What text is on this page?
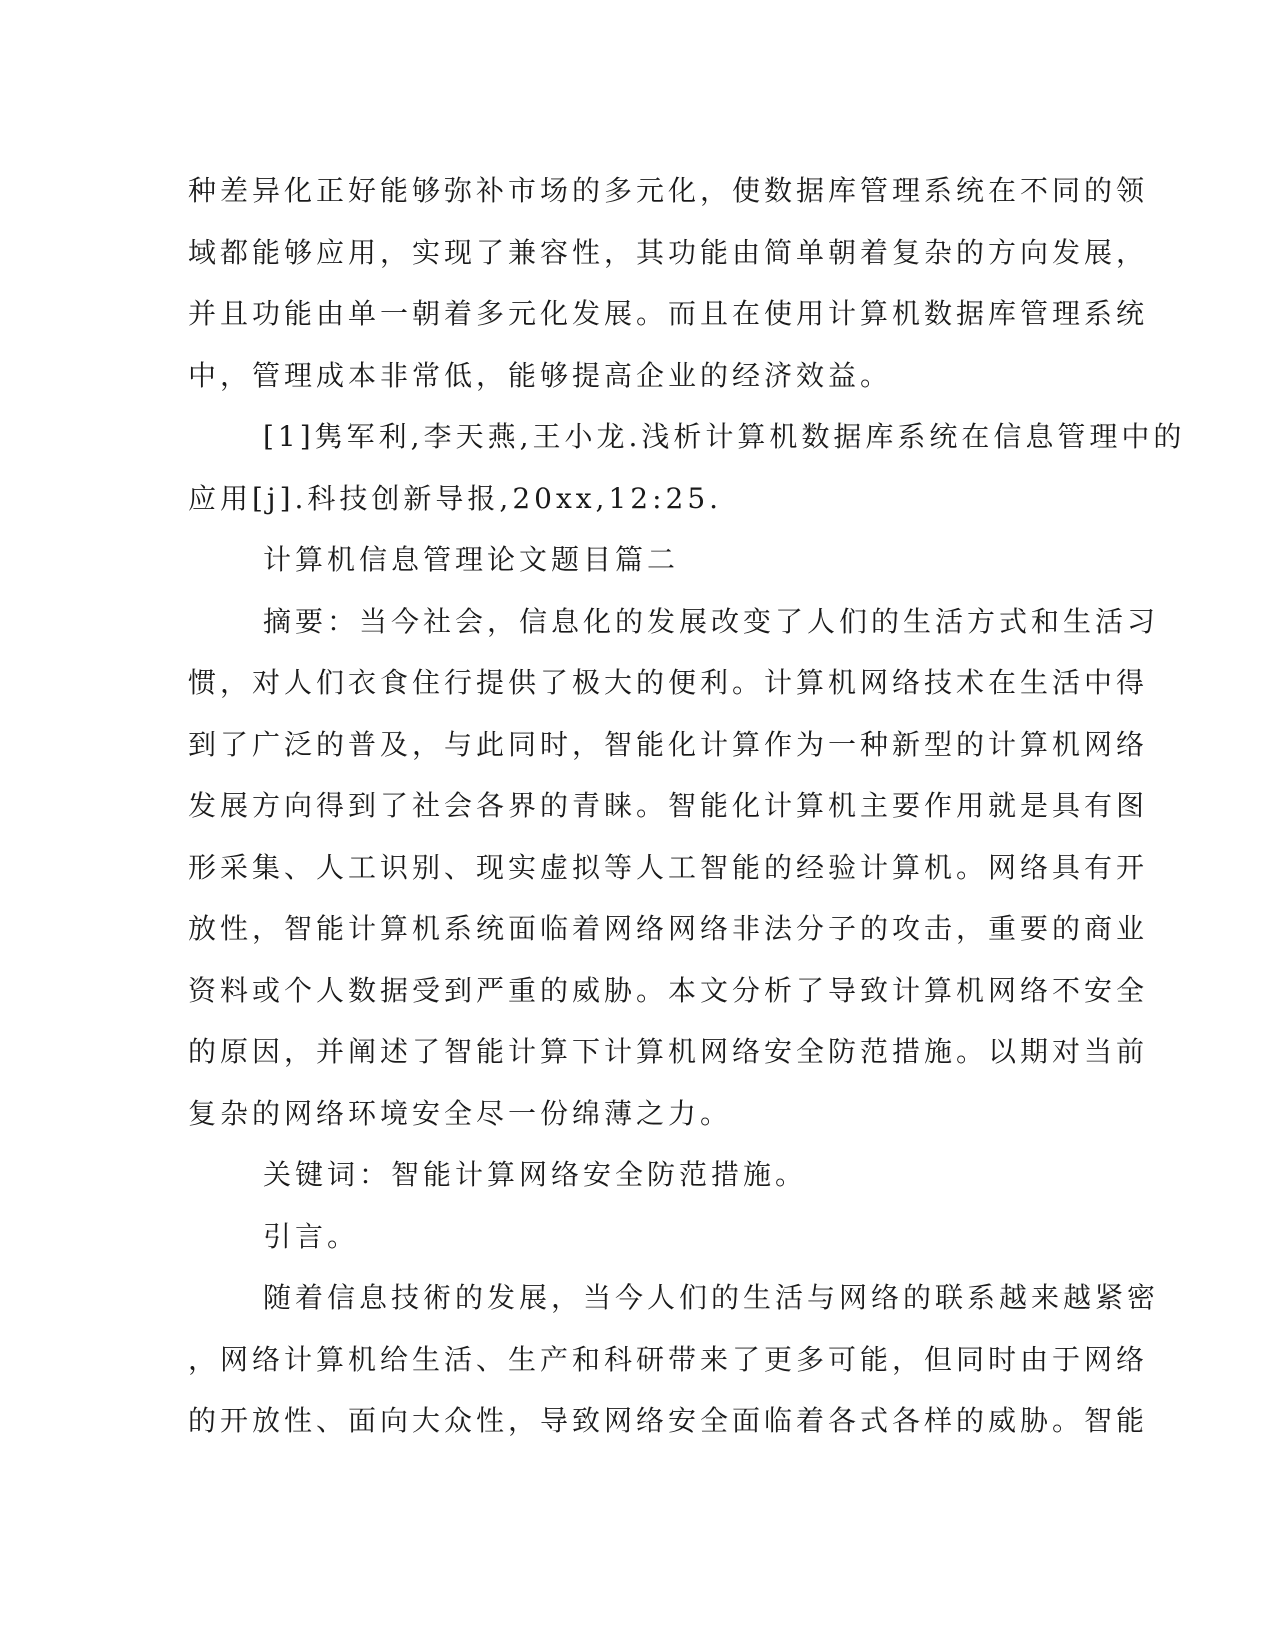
种差异化正好能够弥补市场的多元化，使数据库管理系统在不同的领
域都能够应用，实现了兼容性，其功能由简单朝着复杂的方向发展，
并且功能由单一朝着多元化发展。而且在使用计算机数据库管理系统
中，管理成本非常低，能够提高企业的经济效益。
[1]隽军利,李天燕,王小龙.浅析计算机数据库系统在信息管理中的
应用[j].科技创新导报,20xx,12:25.
计算机信息管理论文题目篇二
摘要：当今社会，信息化的发展改变了人们的生活方式和生活习
惯，对人们衣食住行提供了极大的便利。计算机网络技术在生活中得
到了广泛的普及，与此同时，智能化计算作为一种新型的计算机网络
发展方向得到了社会各界的青睐。智能化计算机主要作用就是具有图
形采集、人工识别、现实虚拟等人工智能的经验计算机。网络具有开
放性，智能计算机系统面临着网络网络非法分子的攻击，重要的商业
资料或个人数据受到严重的威胁。本文分析了导致计算机网络不安全
的原因，并阐述了智能计算下计算机网络安全防范措施。以期对当前
复杂的网络环境安全尽一份绵薄之力。
关键词：智能计算网络安全防范措施。
引言。
随着信息技術的发展，当今人们的生活与网络的联系越来越紧密
，网络计算机给生活、生产和科研带来了更多可能，但同时由于网络
的开放性、面向大众性，导致网络安全面临着各式各样的威胁。智能
